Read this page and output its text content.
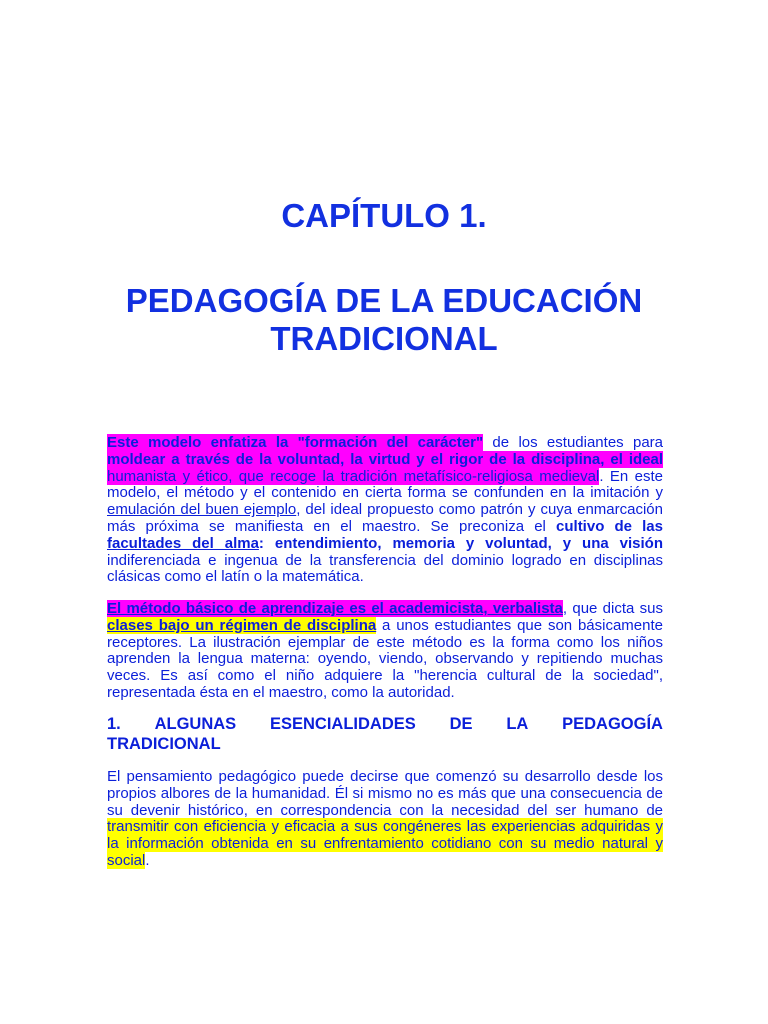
CAPÍTULO 1.
PEDAGOGÍA DE LA EDUCACIÓN
TRADICIONAL

Este modelo enfatiza la "formación del carácter" de los estudiantes para moldear a través de la voluntad, la virtud y el rigor de la disciplina, el ideal humanista y ético, que recoge la tradición metafísico-religiosa medieval. En este modelo, el método y el contenido en cierta forma se confunden en la imitación y emulación del buen ejemplo, del ideal propuesto como patrón y cuya enmarcación más próxima se manifiesta en el maestro. Se preconiza el cultivo de las facultades del alma: entendimiento, memoria y voluntad, y una visión indiferenciada e ingenua de la transferencia del dominio logrado en disciplinas clásicas como el latín o la matemática.

El método básico de aprendizaje es el academicista, verbalista, que dicta sus clases bajo un régimen de disciplina a unos estudiantes que son básicamente receptores. La ilustración ejemplar de este método es la forma como los niños aprenden la lengua materna: oyendo, viendo, observando y repitiendo muchas veces. Es así como el niño adquiere la "herencia cultural de la sociedad", representada ésta en el maestro, como la autoridad.

1. ALGUNAS ESENCIALIDADES DE LA PEDAGOGÍA
TRADICIONAL

El pensamiento pedagógico puede decirse que comenzó su desarrollo desde los propios albores de la humanidad. Él si mismo no es más que una consecuencia de su devenir histórico, en correspondencia con la necesidad del ser humano de transmitir con eficiencia y eficacia a sus congéneres las experiencias adquiridas y la información obtenida en su enfrentamiento cotidiano con su medio natural y social.
